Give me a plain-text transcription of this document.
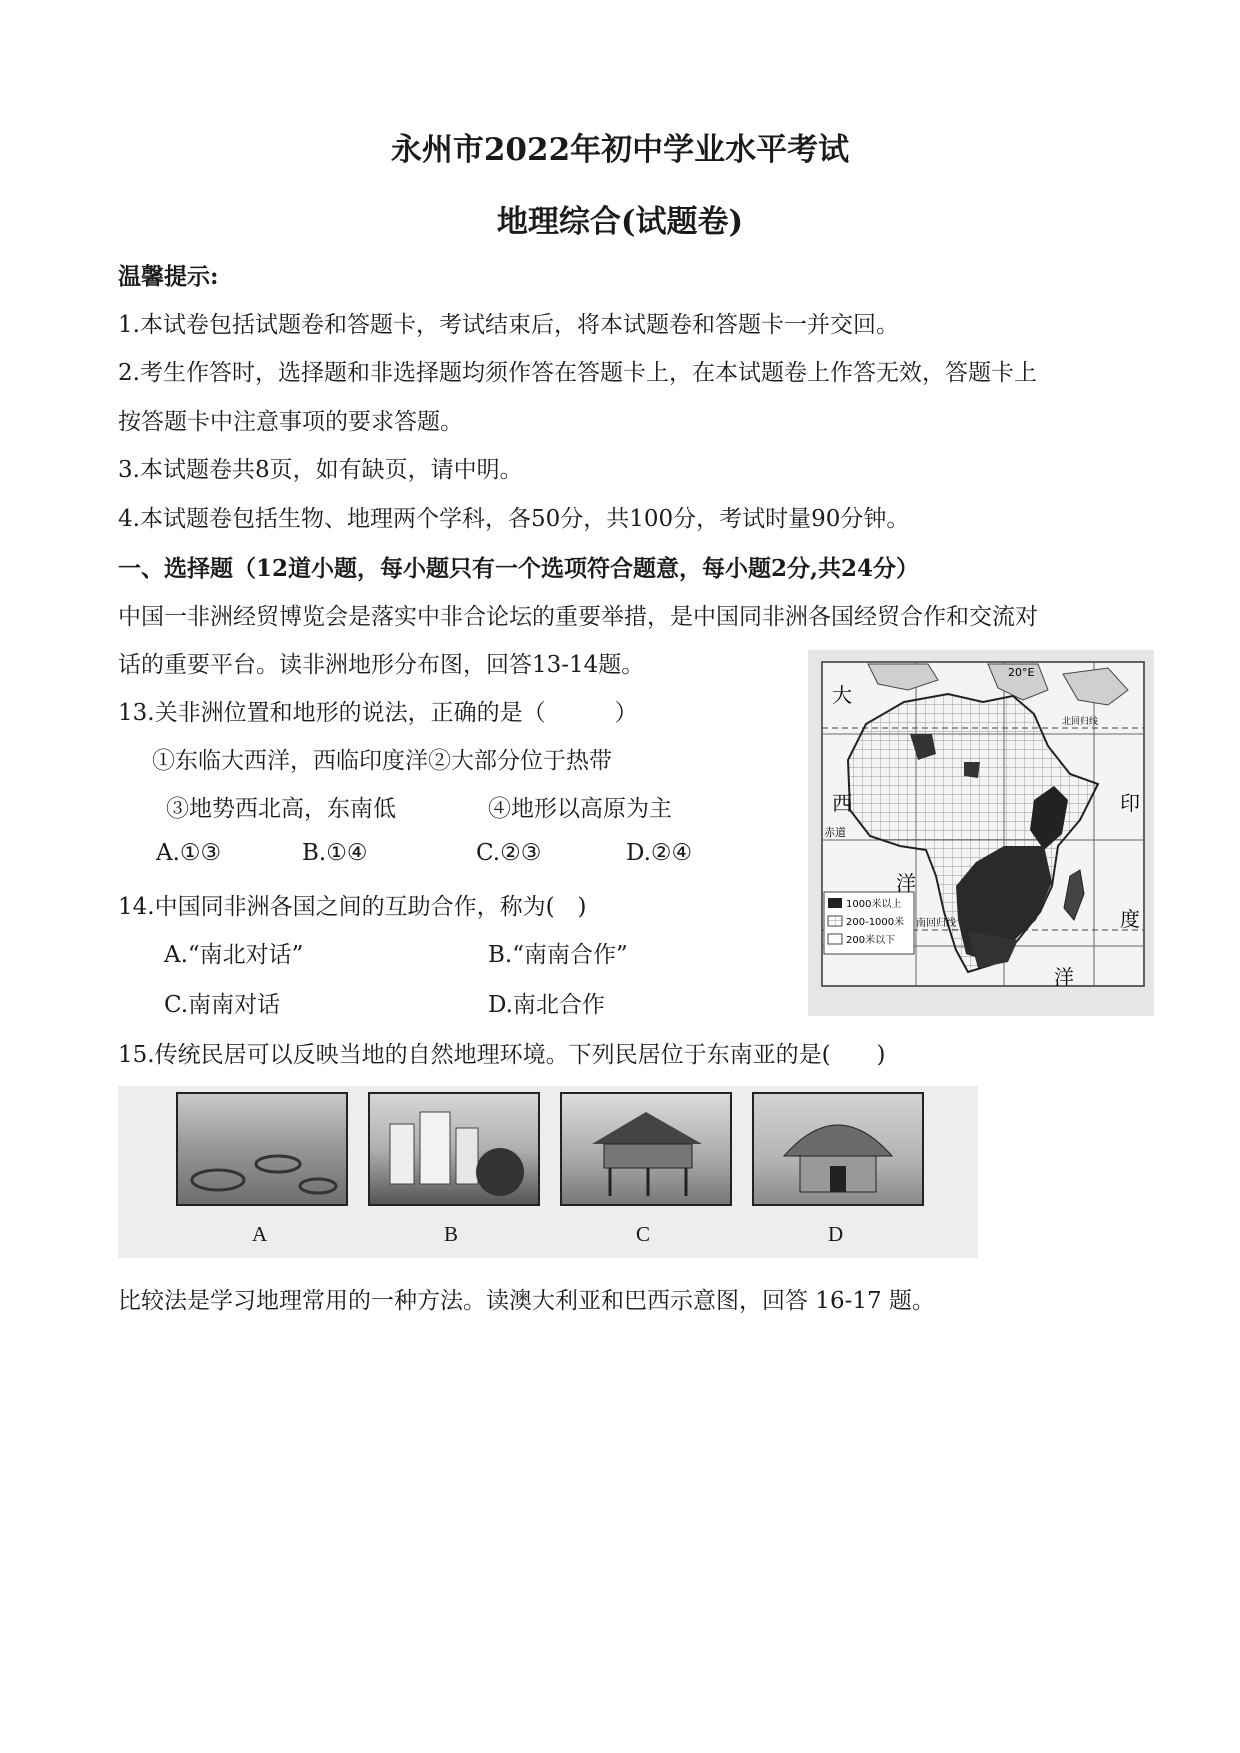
永州市2022年初中学业水平考试
地理综合(试题卷)
温馨提示:
1.本试卷包括试题卷和答题卡，考试结束后，将本试题卷和答题卡一并交回。
2.考生作答时，选择题和非选择题均须作答在答题卡上，在本试题卷上作答无效，答题卡上
按答题卡中注意事项的要求答题。
3.本试题卷共8页，如有缺页，请中明。
4.本试题卷包括生物、地理两个学科，各50分，共100分，考试时量90分钟。
一、选择题（12道小题，每小题只有一个选项符合题意，每小题2分,共24分）
中国一非洲经贸博览会是落实中非合论坛的重要举措，是中国同非洲各国经贸合作和交流对
话的重要平台。读非洲地形分布图，回答13-14题。
13.关非洲位置和地形的说法，正确的是（　　　）
①东临大西洋，西临印度洋②大部分位于热带
③地势西北高，东南低	④地形以高原为主
A.①③	B.①④	C.②③	D.②④
14.中国同非洲各国之间的互助合作，称为(　)
A.“南北对话”	B.“南南合作”
C.南南对话	D.南北合作
15.传统民居可以反映当地的自然地理环境。下列民居位于东南亚的是(　　)
1000米以上
200-1000米
200米以下
大
西
洋
印
度
洋
20°E
北回归线
赤道
南回归线
A	B	C	D
比较法是学习地理常用的一种方法。读澳大利亚和巴西示意图，回答 16-17 题。
